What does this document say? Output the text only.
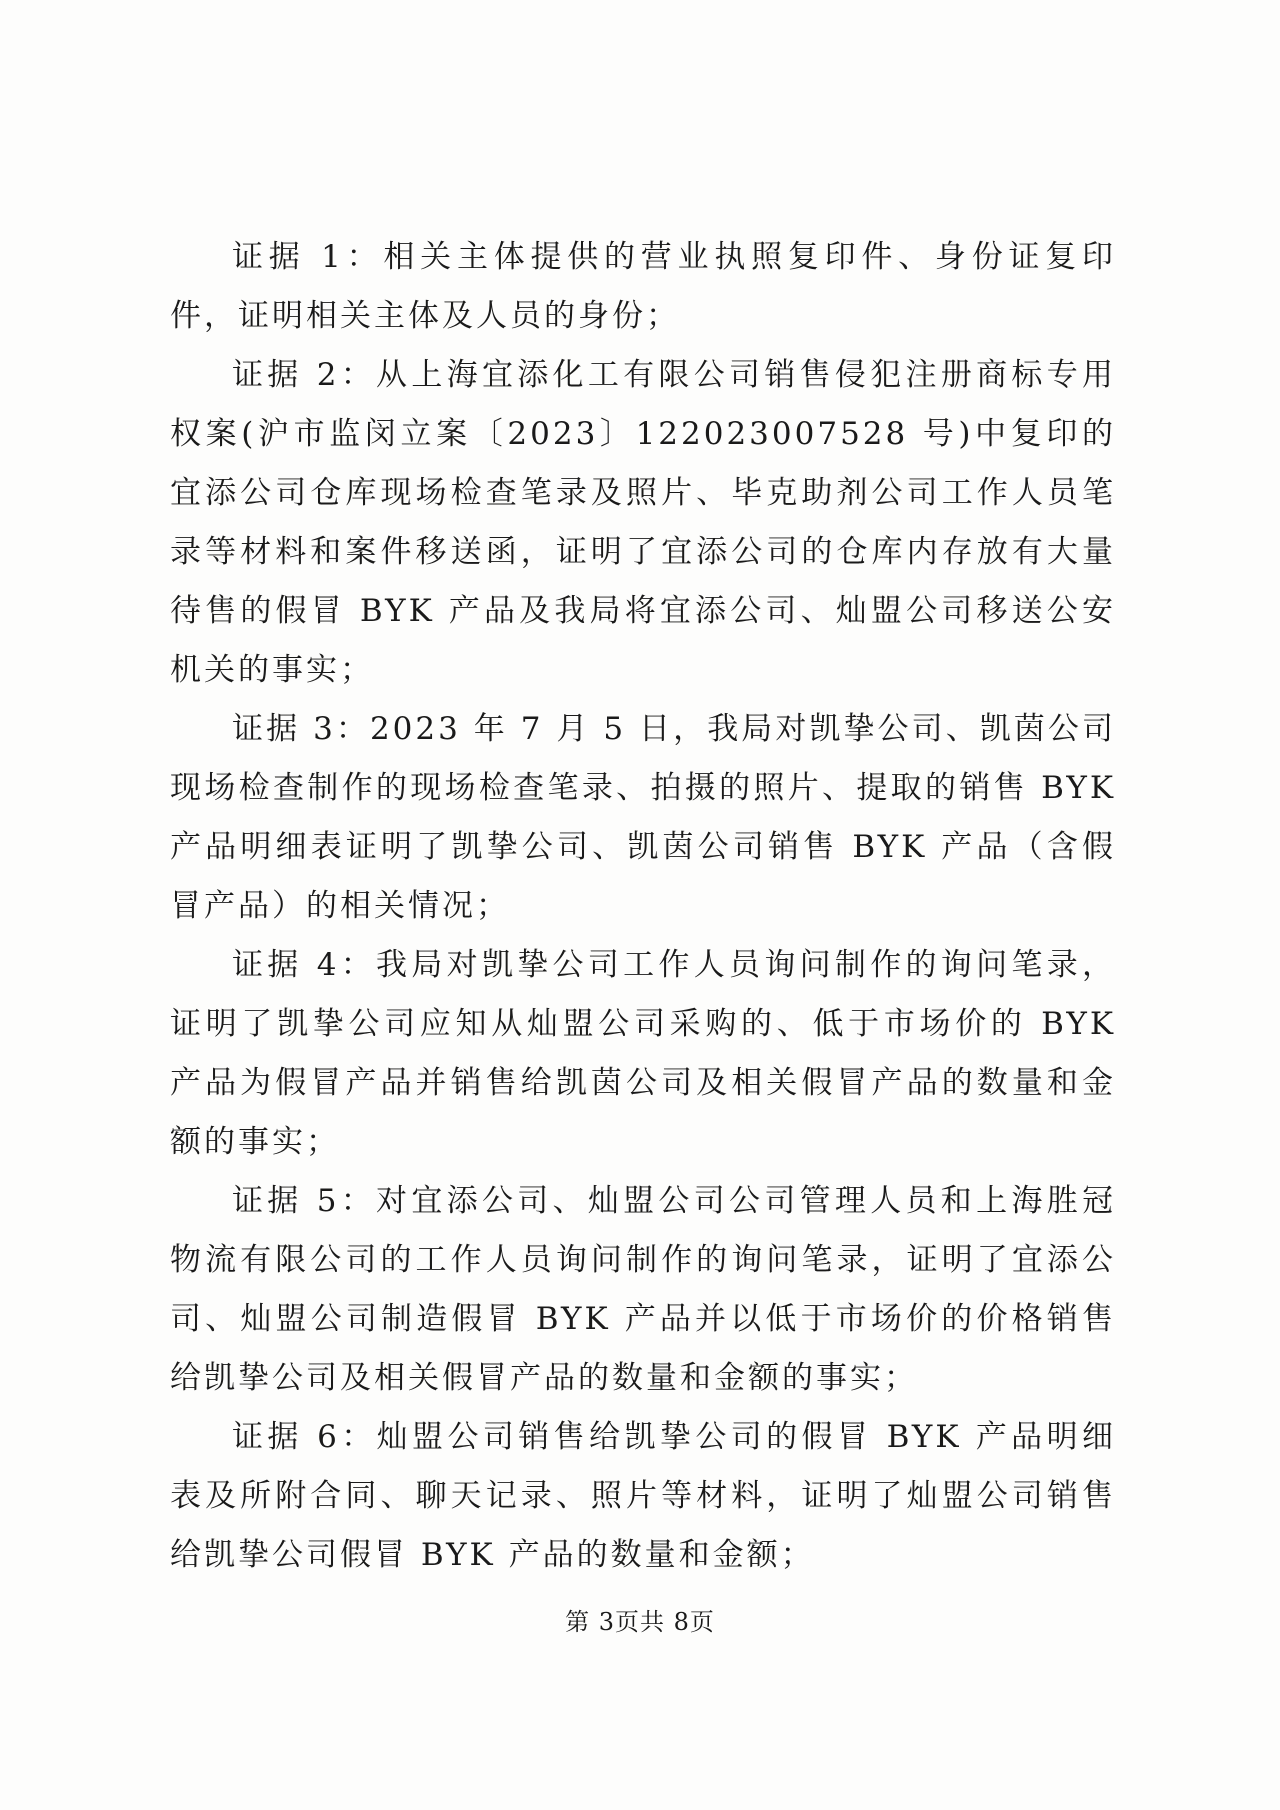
证据 1：相关主体提供的营业执照复印件、身份证复印件，证明相关主体及人员的身份；

证据 2：从上海宜添化工有限公司销售侵犯注册商标专用权案(沪市监闵立案〔2023〕122023007528 号)中复印的宜添公司仓库现场检查笔录及照片、毕克助剂公司工作人员笔录等材料和案件移送函，证明了宜添公司的仓库内存放有大量待售的假冒 BYK 产品及我局将宜添公司、灿盟公司移送公安机关的事实；

证据 3：2023 年 7 月 5 日，我局对凯挚公司、凯茵公司现场检查制作的现场检查笔录、拍摄的照片、提取的销售 BYK 产品明细表证明了凯挚公司、凯茵公司销售 BYK 产品（含假冒产品）的相关情况；

证据 4：我局对凯挚公司工作人员询问制作的询问笔录，证明了凯挚公司应知从灿盟公司采购的、低于市场价的 BYK 产品为假冒产品并销售给凯茵公司及相关假冒产品的数量和金额的事实；

证据 5：对宜添公司、灿盟公司公司管理人员和上海胜冠物流有限公司的工作人员询问制作的询问笔录，证明了宜添公司、灿盟公司制造假冒 BYK 产品并以低于市场价的价格销售给凯挚公司及相关假冒产品的数量和金额的事实；

证据 6：灿盟公司销售给凯挚公司的假冒 BYK 产品明细表及所附合同、聊天记录、照片等材料，证明了灿盟公司销售给凯挚公司假冒 BYK 产品的数量和金额；

第 3页共 8页
